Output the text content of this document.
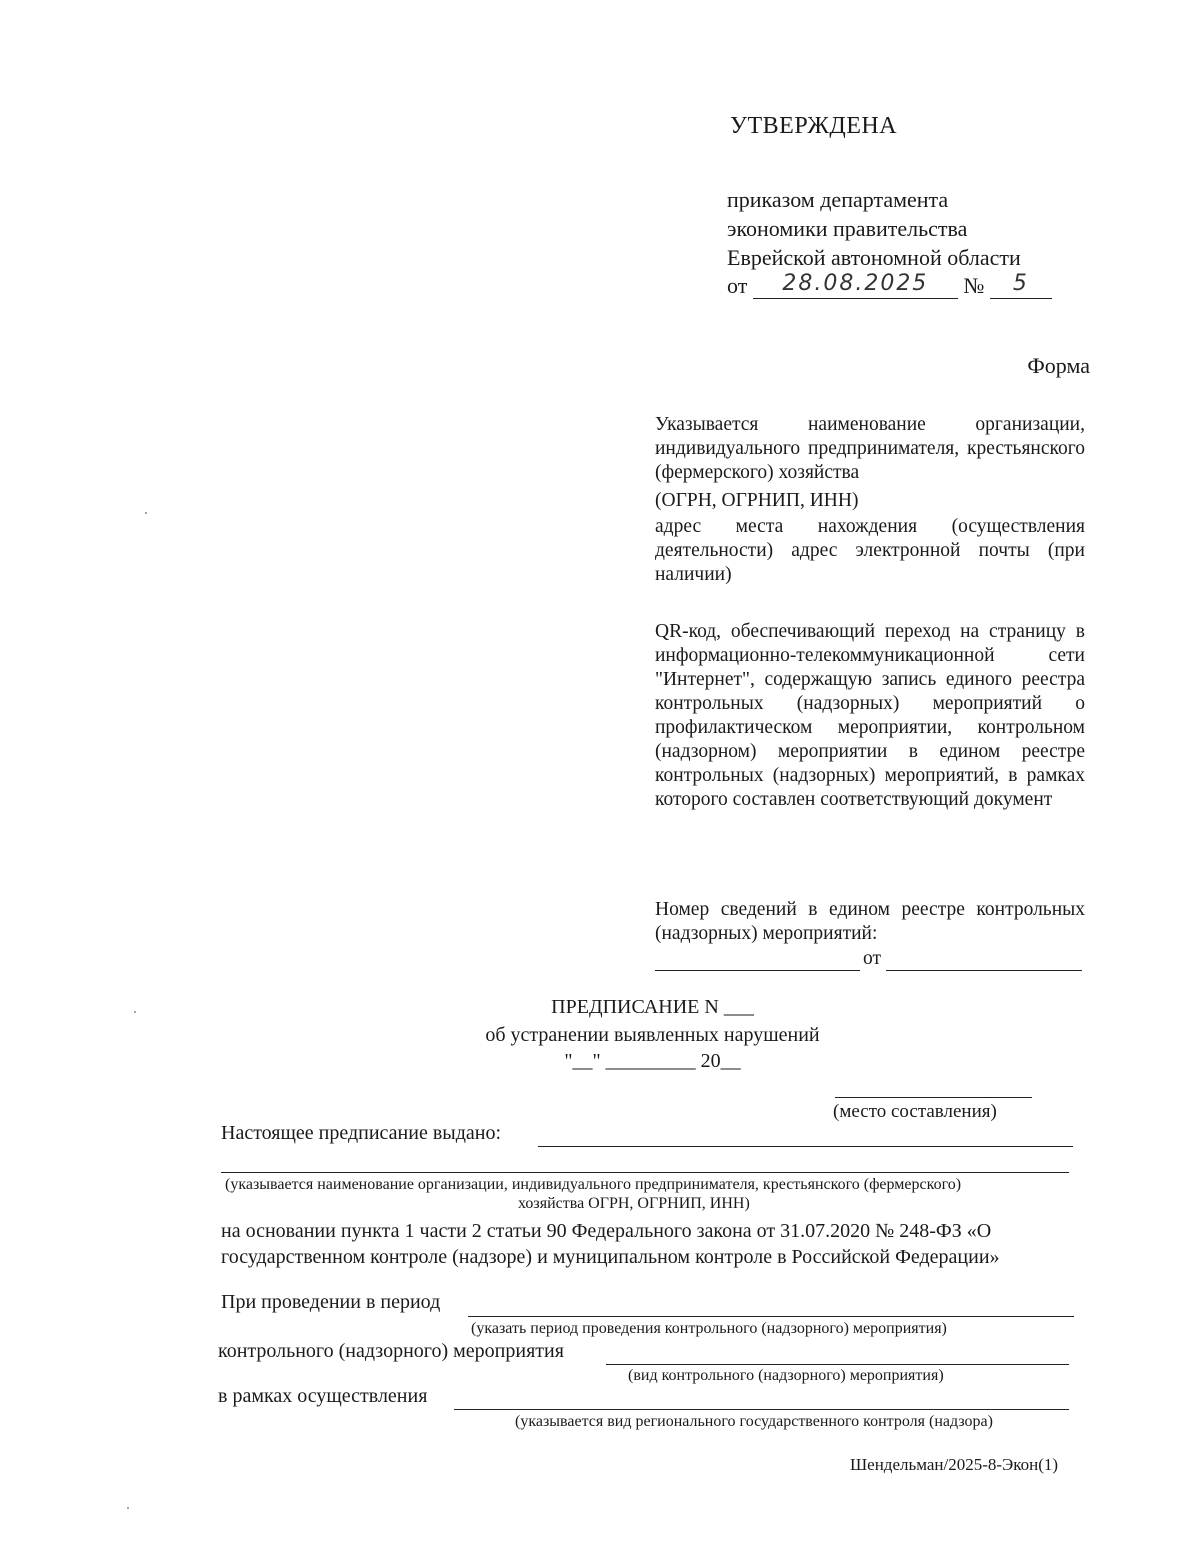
УТВЕРЖДЕНА
приказом департамента
экономики правительства
Еврейской автономной области
от 28.08.2025 № 5
Форма
Указывается наименование организации, индивидуального предпринимателя, крестьянского (фермерского) хозяйства
(ОГРН, ОГРНИП, ИНН)
адрес места нахождения (осуществления деятельности) адрес электронной почты (при наличии)
QR-код, обеспечивающий переход на страницу в информационно-телекоммуникационной сети "Интернет", содержащую запись единого реестра контрольных (надзорных) мероприятий о профилактическом мероприятии, контрольном (надзорном) мероприятии в едином реестре контрольных (надзорных) мероприятий, в рамках которого составлен соответствующий документ
Номер сведений в едином реестре контрольных (надзорных) мероприятий:
от
ПРЕДПИСАНИЕ N ___
об устранении выявленных нарушений
"__" _________ 20__
(место составления)
Настоящее предписание выдано:
(указывается наименование организации, индивидуального предпринимателя, крестьянского (фермерского)
хозяйства ОГРН, ОГРНИП, ИНН)
на основании пункта 1 части 2 статьи 90 Федерального закона от 31.07.2020 № 248-ФЗ «О государственном контроле (надзоре) и муниципальном контроле в Российской Федерации»
При проведении в период
(указать период проведения контрольного (надзорного) мероприятия)
контрольного (надзорного) мероприятия
(вид контрольного (надзорного) мероприятия)
в рамках осуществления
(указывается вид регионального государственного контроля (надзора)
Шендельман/2025-8-Экон(1)
